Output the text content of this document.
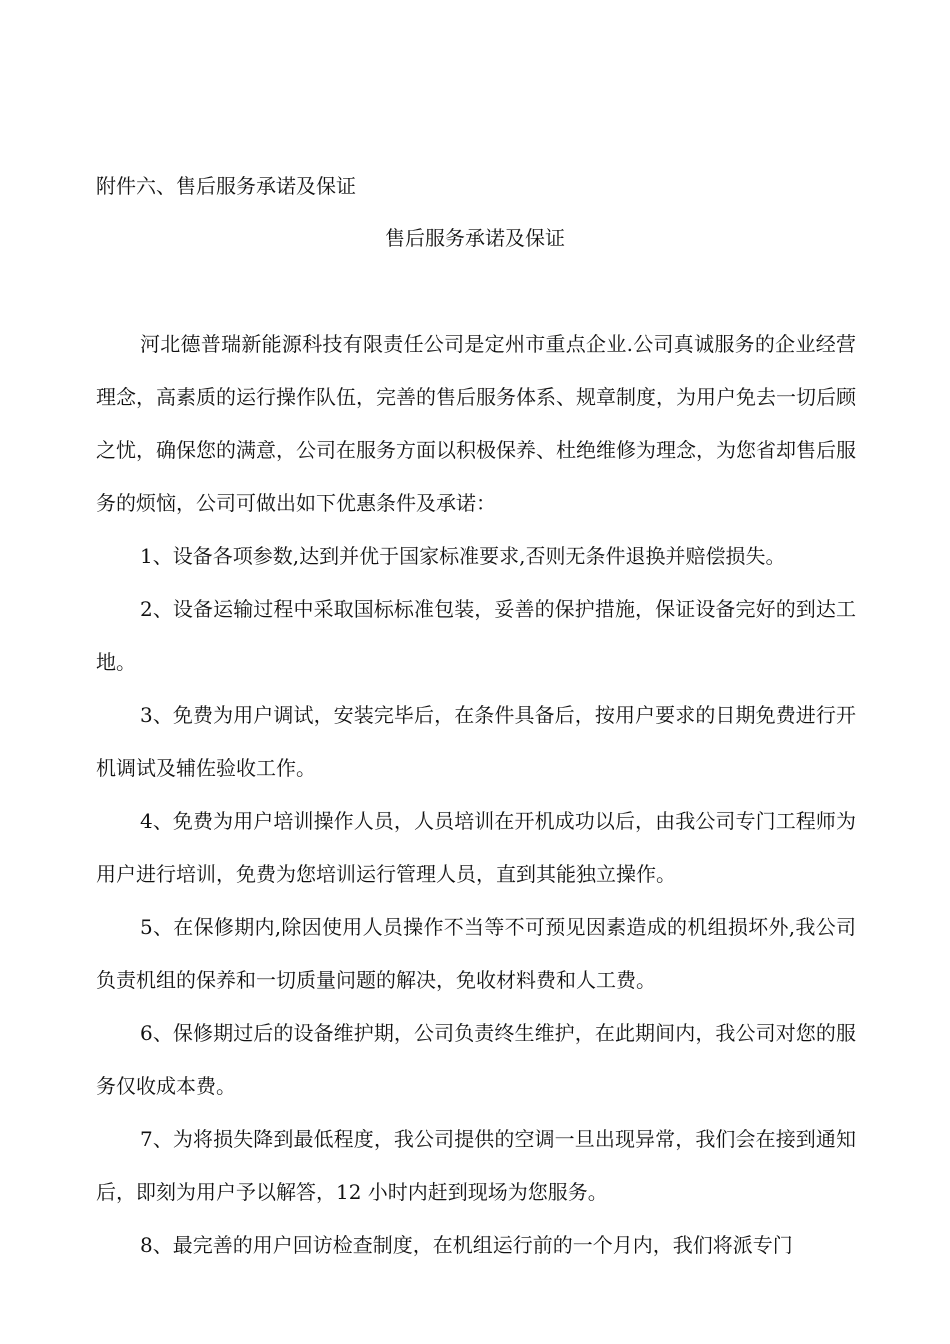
附件六、售后服务承诺及保证
售后服务承诺及保证

河北德普瑞新能源科技有限责任公司是定州市重点企业.公司真诚服务的企业经营理念，高素质的运行操作队伍，完善的售后服务体系、规章制度，为用户免去一切后顾之忧，确保您的满意，公司在服务方面以积极保养、杜绝维修为理念，为您省却售后服务的烦恼，公司可做出如下优惠条件及承诺：

1、设备各项参数,达到并优于国家标准要求,否则无条件退换并赔偿损失。

2、设备运输过程中采取国标标准包装，妥善的保护措施，保证设备完好的到达工地。

3、免费为用户调试，安装完毕后，在条件具备后，按用户要求的日期免费进行开机调试及辅佐验收工作。

4、免费为用户培训操作人员，人员培训在开机成功以后，由我公司专门工程师为用户进行培训，免费为您培训运行管理人员，直到其能独立操作。

5、在保修期内,除因使用人员操作不当等不可预见因素造成的机组损坏外,我公司负责机组的保养和一切质量问题的解决，免收材料费和人工费。

6、保修期过后的设备维护期，公司负责终生维护，在此期间内，我公司对您的服务仅收成本费。

7、为将损失降到最低程度，我公司提供的空调一旦出现异常，我们会在接到通知后，即刻为用户予以解答，12 小时内赶到现场为您服务。

8、最完善的用户回访检查制度，在机组运行前的一个月内，我们将派专门
